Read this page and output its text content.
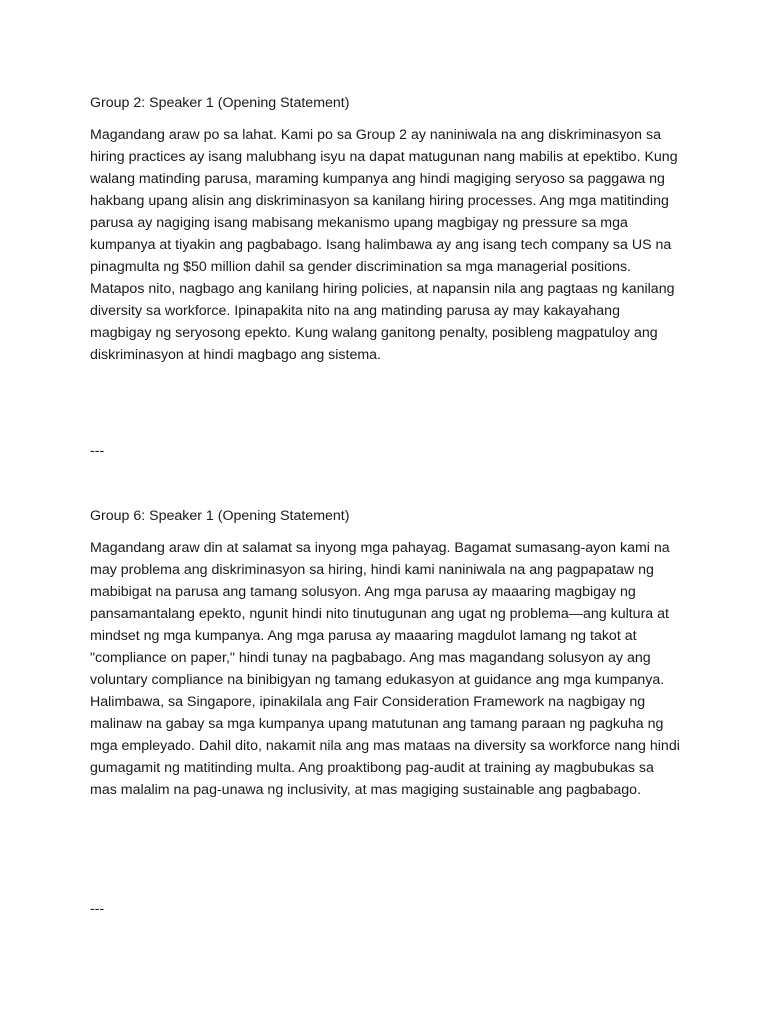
Group 2: Speaker 1 (Opening Statement)

Magandang araw po sa lahat. Kami po sa Group 2 ay naniniwala na ang diskriminasyon sa hiring practices ay isang malubhang isyu na dapat matugunan nang mabilis at epektibo. Kung walang matinding parusa, maraming kumpanya ang hindi magiging seryoso sa paggawa ng hakbang upang alisin ang diskriminasyon sa kanilang hiring processes. Ang mga matitinding parusa ay nagiging isang mabisang mekanismo upang magbigay ng pressure sa mga kumpanya at tiyakin ang pagbabago. Isang halimbawa ay ang isang tech company sa US na pinagmulta ng $50 million dahil sa gender discrimination sa mga managerial positions. Matapos nito, nagbago ang kanilang hiring policies, at napansin nila ang pagtaas ng kanilang diversity sa workforce. Ipinapakita nito na ang matinding parusa ay may kakayahang magbigay ng seryosong epekto. Kung walang ganitong penalty, posibleng magpatuloy ang diskriminasyon at hindi magbago ang sistema.

---

Group 6: Speaker 1 (Opening Statement)

Magandang araw din at salamat sa inyong mga pahayag. Bagamat sumasang-ayon kami na may problema ang diskriminasyon sa hiring, hindi kami naniniwala na ang pagpapataw ng mabibigat na parusa ang tamang solusyon. Ang mga parusa ay maaaring magbigay ng pansamantalang epekto, ngunit hindi nito tinutugunan ang ugat ng problema—ang kultura at mindset ng mga kumpanya. Ang mga parusa ay maaaring magdulot lamang ng takot at "compliance on paper," hindi tunay na pagbabago. Ang mas magandang solusyon ay ang voluntary compliance na binibigyan ng tamang edukasyon at guidance ang mga kumpanya. Halimbawa, sa Singapore, ipinakilala ang Fair Consideration Framework na nagbigay ng malinaw na gabay sa mga kumpanya upang matutunan ang tamang paraan ng pagkuha ng mga empleyado. Dahil dito, nakamit nila ang mas mataas na diversity sa workforce nang hindi gumagamit ng matitinding multa. Ang proaktibong pag-audit at training ay magbubukas sa mas malalim na pag-unawa ng inclusivity, at mas magiging sustainable ang pagbabago.

---
